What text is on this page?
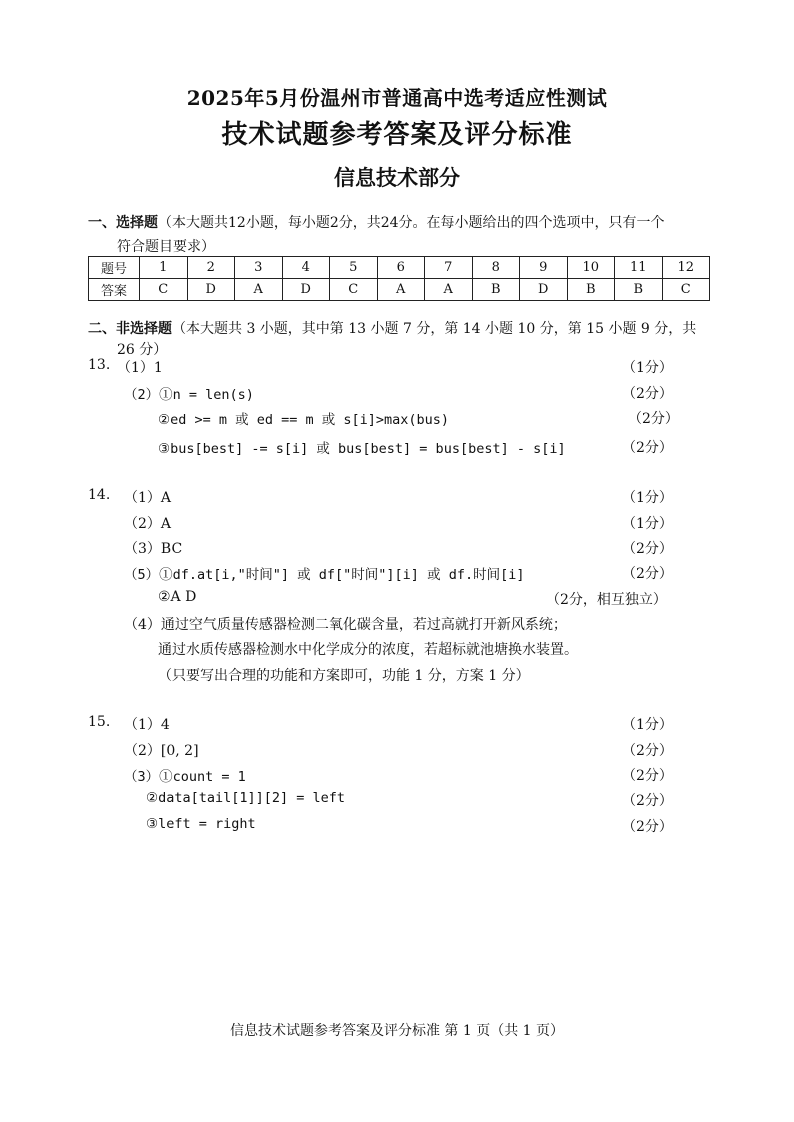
2025年5月份温州市普通高中选考适应性测试
技术试题参考答案及评分标准
信息技术部分
一、选择题（本大题共12小题，每小题2分，共24分。在每小题给出的四个选项中，只有一个
符合题目要求）
题号	1	2	3	4	5	6	7	8	9	10	11	12
答案	C	D	A	D	C	A	A	B	D	B	B	C
二、非选择题（本大题共 3 小题，其中第 13 小题 7 分，第 14 小题 10 分，第 15 小题 9 分，共
26 分）
13. （1）1	（1分）
（2）①n = len(s)	（2分）
②ed >= m 或 ed == m 或 s[i]>max(bus)	（2分）
③bus[best] -= s[i] 或 bus[best] = bus[best] - s[i]	（2分）
14. （1）A	（1分）
（2）A	（1分）
（3）BC	（2分）
（5）①df.at[i,"时间"] 或 df["时间"][i] 或 df.时间[i]	（2分）
②A D	（2分，相互独立）
（4）通过空气质量传感器检测二氧化碳含量，若过高就打开新风系统；
通过水质传感器检测水中化学成分的浓度，若超标就池塘换水装置。
（只要写出合理的功能和方案即可，功能 1 分，方案 1 分）
15. （1）4	（1分）
（2）[0, 2]	（2分）
（3）①count = 1	（2分）
②data[tail[1]][2] = left	（2分）
③left = right	（2分）
信息技术试题参考答案及评分标准 第 1 页（共 1 页）
